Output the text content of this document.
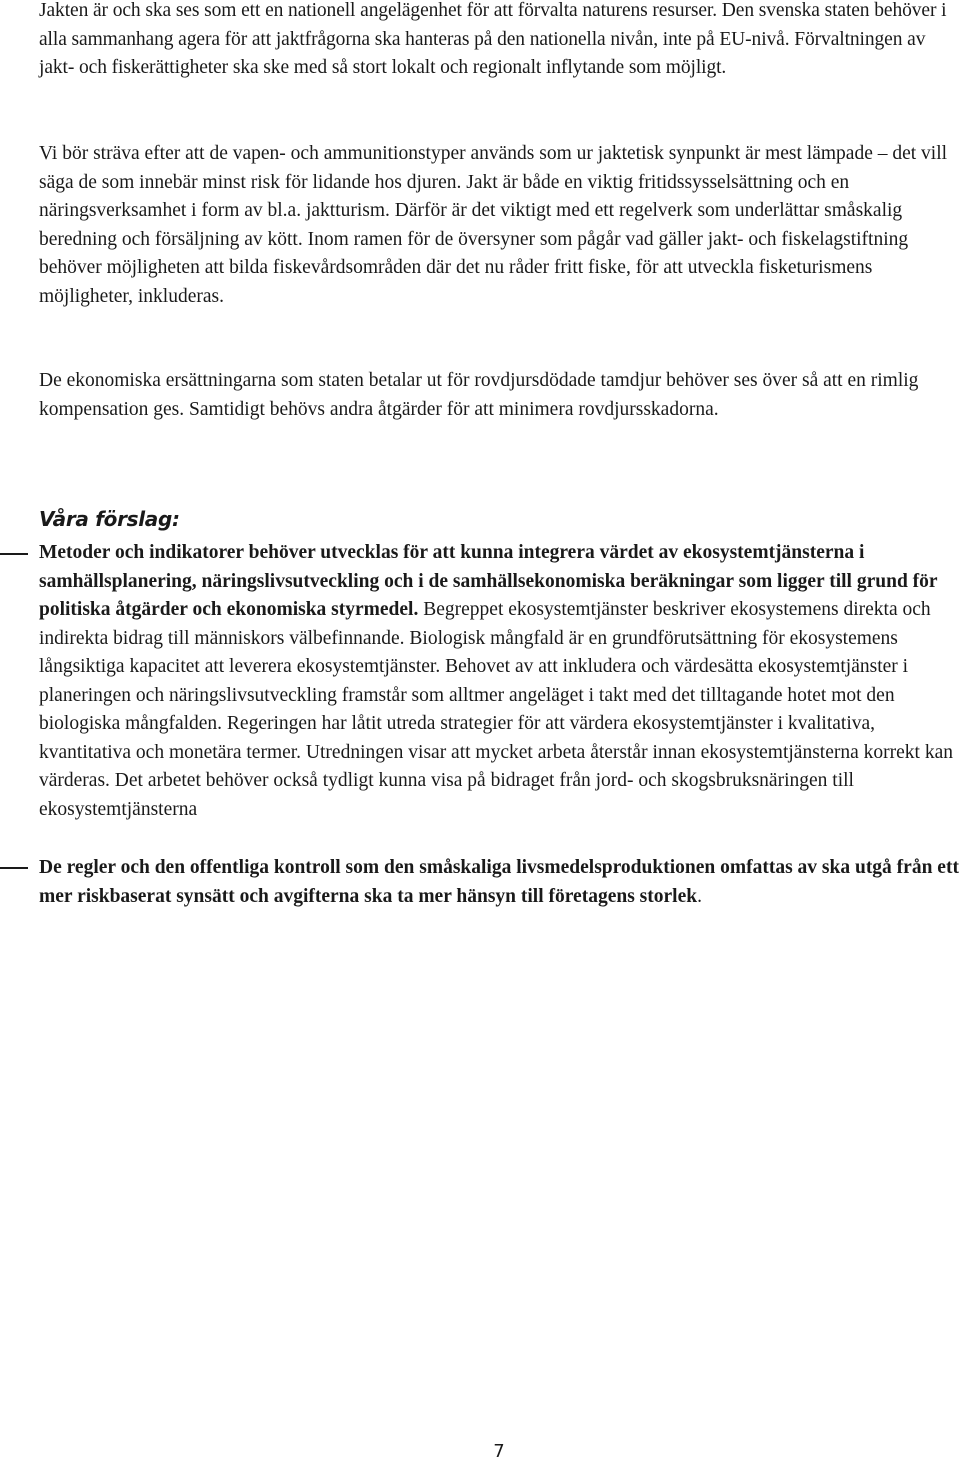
Jakten är och ska ses som ett en nationell angelägenhet för att förvalta naturens resurser. Den svenska staten behöver i alla sammanhang agera för att jaktfrågorna ska hanteras på den nationella nivån, inte på EU-nivå. Förvaltningen av jakt- och fiskerättigheter ska ske med så stort lokalt och regionalt inflytande som möjligt.

Vi bör sträva efter att de vapen- och ammunitionstyper används som ur jaktetisk synpunkt är mest lämpade – det vill säga de som innebär minst risk för lidande hos djuren. Jakt är både en viktig fritidssysselsättning och en näringsverksamhet i form av bl.a. jaktturism. Därför är det viktigt med ett regelverk som underlättar småskalig beredning och försäljning av kött. Inom ramen för de översyner som pågår vad gäller jakt- och fiskelagstiftning behöver möjligheten att bilda fiskevårdsområden där det nu råder fritt fiske, för att utveckla fisketurismens möjligheter, inkluderas.

De ekonomiska ersättningarna som staten betalar ut för rovdjursdödade tamdjur behöver ses över så att en rimlig kompensation ges. Samtidigt behövs andra åtgärder för att minimera rovdjursskadorna.

Våra förslag:

Metoder och indikatorer behöver utvecklas för att kunna integrera värdet av ekosystemtjänsterna i samhällsplanering, näringslivsutveckling och i de samhällsekonomiska beräkningar som ligger till grund för politiska åtgärder och ekonomiska styrmedel. Begreppet ekosystemtjänster beskriver ekosystemens direkta och indirekta bidrag till människors välbefinnande. Biologisk mångfald är en grundförutsättning för ekosystemens långsiktiga kapacitet att leverera ekosystemtjänster. Behovet av att inkludera och värdesätta ekosystemtjänster i planeringen och näringslivsutveckling framstår som alltmer angeläget i takt med det tilltagande hotet mot den biologiska mångfalden. Regeringen har låtit utreda strategier för att värdera ekosystemtjänster i kvalitativa, kvantitativa och monetära termer. Utredningen visar att mycket arbeta återstår innan ekosystemtjänsterna korrekt kan värderas. Det arbetet behöver också tydligt kunna visa på bidraget från jord- och skogsbruksnäringen till ekosystemtjänsterna

De regler och den offentliga kontroll som den småskaliga livsmedelsproduktionen omfattas av ska utgå från ett mer riskbaserat synsätt och avgifterna ska ta mer hänsyn till företagens storlek.

7
